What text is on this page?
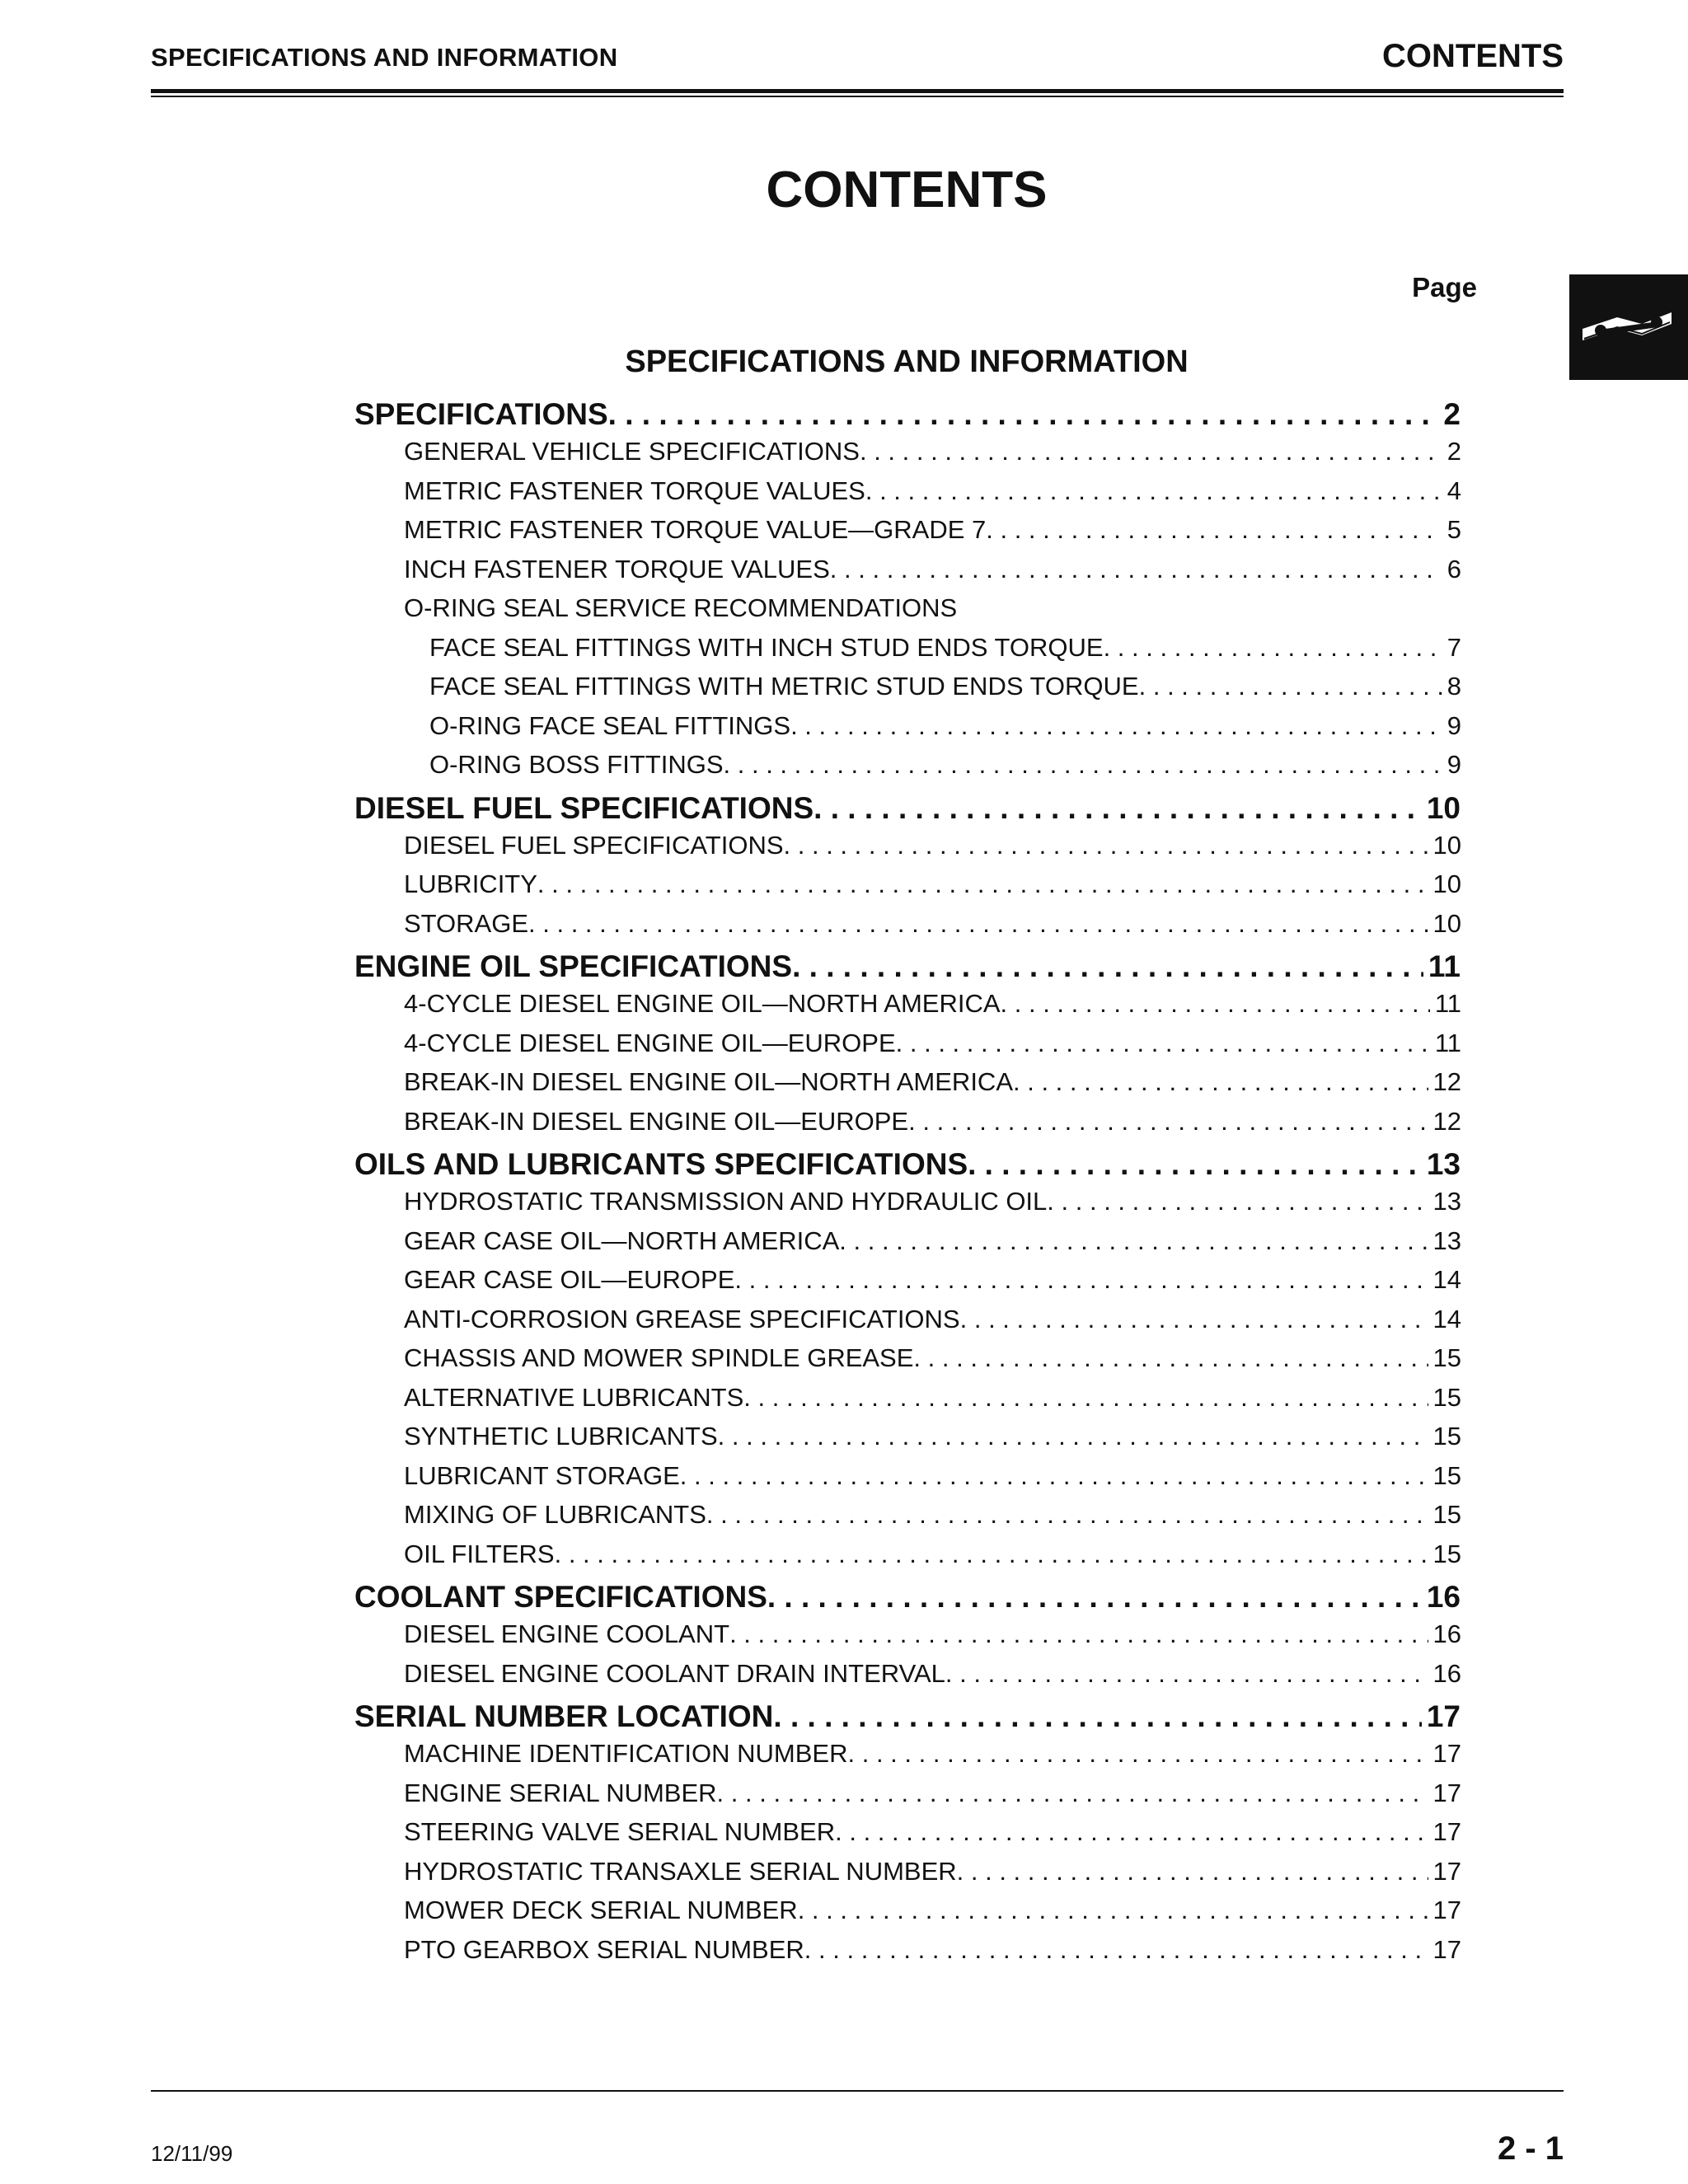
SPECIFICATIONS AND INFORMATION	CONTENTS
CONTENTS
Page
SPECIFICATIONS AND INFORMATION
SPECIFICATIONS . . .	2
GENERAL VEHICLE SPECIFICATIONS . . .	2
METRIC FASTENER TORQUE VALUES . . .	4
METRIC FASTENER TORQUE VALUE—GRADE 7 . . .	5
INCH FASTENER TORQUE VALUES . . .	6
O-RING SEAL SERVICE RECOMMENDATIONS
FACE SEAL FITTINGS WITH INCH STUD ENDS TORQUE . . .	7
FACE SEAL FITTINGS WITH METRIC STUD ENDS TORQUE . . .	8
O-RING FACE SEAL FITTINGS . . .	9
O-RING BOSS FITTINGS . . .	9
DIESEL FUEL SPECIFICATIONS . . .	10
DIESEL FUEL SPECIFICATIONS . . .	10
LUBRICITY . . .	10
STORAGE . . .	10
ENGINE OIL SPECIFICATIONS . . .	11
4-CYCLE DIESEL ENGINE OIL—NORTH AMERICA . . .	11
4-CYCLE DIESEL ENGINE OIL—EUROPE . . .	11
BREAK-IN DIESEL ENGINE OIL—NORTH AMERICA . . .	12
BREAK-IN DIESEL ENGINE OIL—EUROPE . . .	12
OILS AND LUBRICANTS SPECIFICATIONS . . .	13
HYDROSTATIC TRANSMISSION AND HYDRAULIC OIL . . .	13
GEAR CASE OIL—NORTH AMERICA . . .	13
GEAR CASE OIL—EUROPE . . .	14
ANTI-CORROSION GREASE SPECIFICATIONS . . .	14
CHASSIS AND MOWER SPINDLE GREASE . . .	15
ALTERNATIVE LUBRICANTS . . .	15
SYNTHETIC LUBRICANTS . . .	15
LUBRICANT STORAGE . . .	15
MIXING OF LUBRICANTS . . .	15
OIL FILTERS . . .	15
COOLANT SPECIFICATIONS . . .	16
DIESEL ENGINE COOLANT . . .	16
DIESEL ENGINE COOLANT DRAIN INTERVAL . . .	16
SERIAL NUMBER LOCATION . . .	17
MACHINE IDENTIFICATION NUMBER . . .	17
ENGINE SERIAL NUMBER . . .	17
STEERING VALVE SERIAL NUMBER . . .	17
HYDROSTATIC TRANSAXLE SERIAL NUMBER . . .	17
MOWER DECK SERIAL NUMBER . . .	17
PTO GEARBOX SERIAL NUMBER . . .	17
12/11/99	2 - 1
